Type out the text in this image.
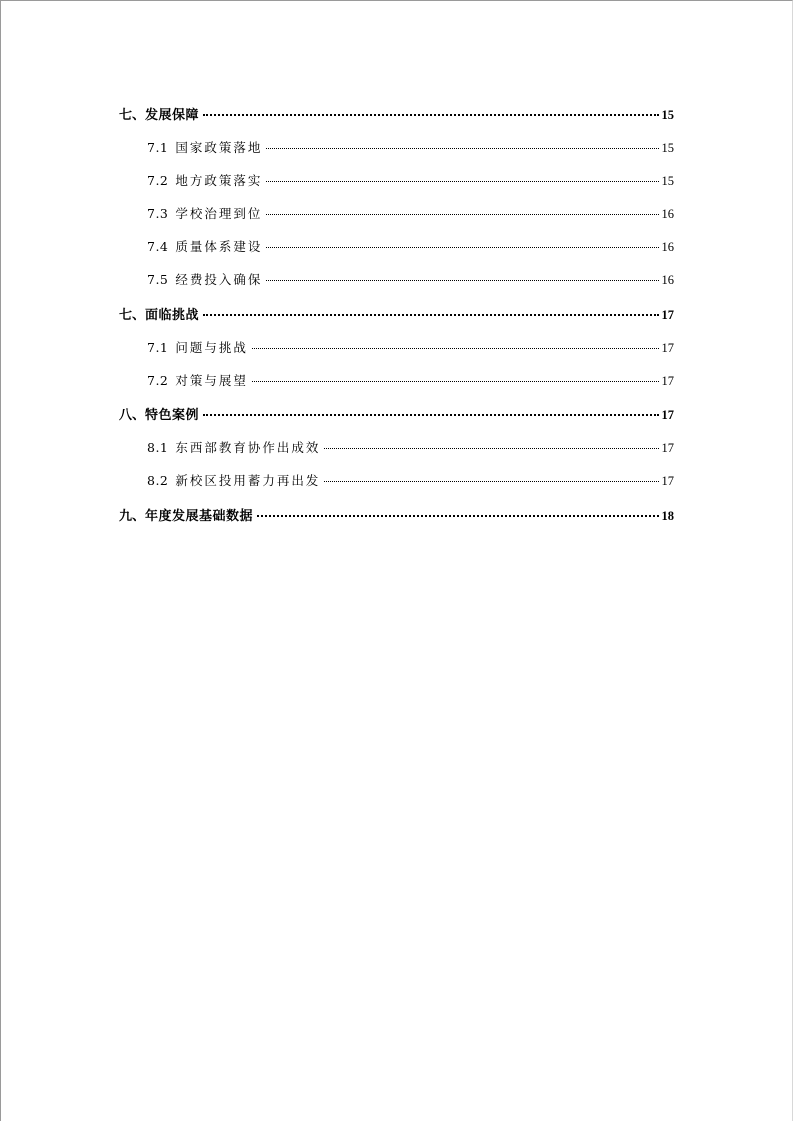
七、 发展保障	15
7.1 国家政策落地	15
7.2 地方政策落实	15
7.3 学校治理到位	16
7.4 质量体系建设	16
7.5 经费投入确保	16
七、 面临挑战	17
7.1 问题与挑战	17
7.2 对策与展望	17
八、 特色案例	17
8.1 东西部教育协作出成效	17
8.2 新校区投用蓄力再出发	17
九、 年度发展基础数据	18
